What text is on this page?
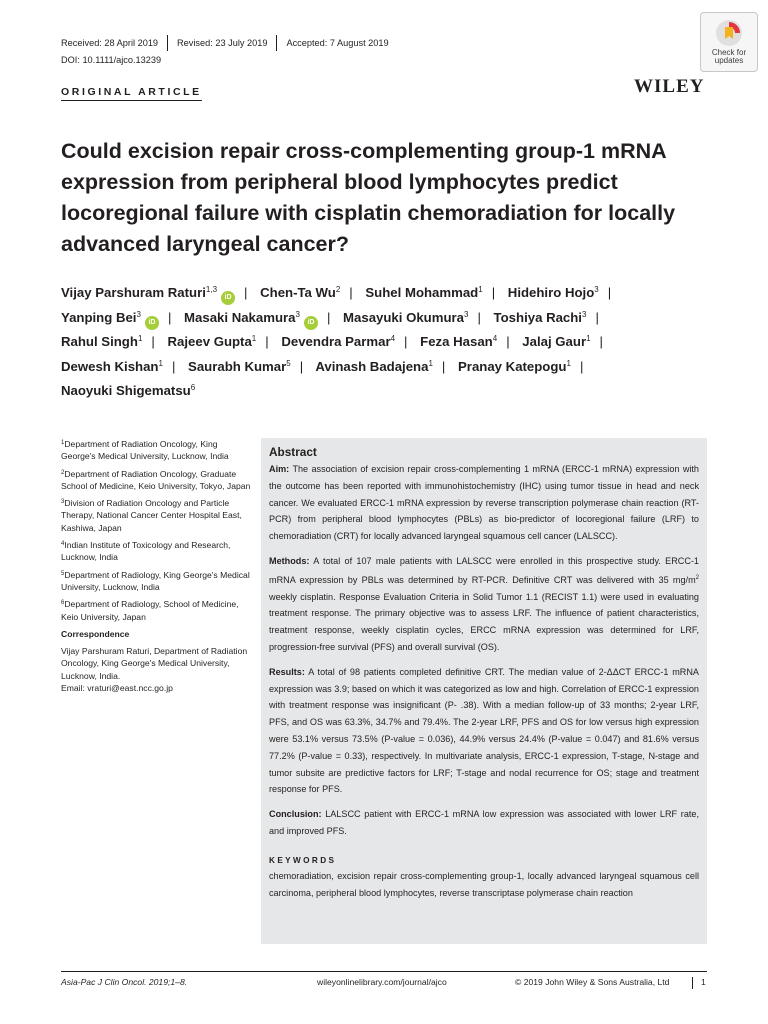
Received: 28 April 2019 Revised: 23 July 2019 Accepted: 7 August 2019
DOI: 10.1111/ajco.13239
Check for
updates
WILEY
ORIGINAL ARTICLE
Could excision repair cross-complementing group-1 mRNA expression from peripheral blood lymphocytes predict locoregional failure with cisplatin chemoradiation for locally advanced laryngeal cancer?
Vijay Parshuram Raturi$^{1,3}$iD | Chen-Ta Wu$^2$ | Suhel Mohammad$^1$ | Hidehiro Hojo$^3$ | Yanping Bei$^3$iD | Masaki Nakamura$^3$iD | Masayuki Okumura$^3$ | Toshiya Rachi$^3$ | Rahul Singh$^1$ | Rajeev Gupta$^1$ | Devendra Parmar$^4$ | Feza Hasan$^4$ | Jalaj Gaur$^1$ | Dewesh Kishan$^1$ | Saurabh Kumar$^5$ | Avinash Badajena$^1$ | Pranay Katepogu$^1$ | Naoyuki Shigematsu$^6$

$^1$Department of Radiation Oncology, King George's Medical University, Lucknow, India

$^2$Department of Radiation Oncology, Graduate School of Medicine, Keio University, Tokyo, Japan

$^3$Division of Radiation Oncology and Particle Therapy, National Cancer Center Hospital East, Kashiwa, Japan

$^4$Indian Institute of Toxicology and Research, Lucknow, India

$^5$Department of Radiology, King George's Medical University, Lucknow, India

$^6$Department of Radiology, School of Medicine, Keio University, Japan

Correspondence

Vijay Parshuram Raturi, Department of Radiation Oncology, King George's Medical University, Lucknow, India.
Email: vraturi@east.ncc.go.jp

Abstract

Aim: The association of excision repair cross-complementing 1 mRNA (ERCC-1 mRNA) expression with the outcome has been reported with immunohistochemistry (IHC) using tumor tissue in head and neck cancer. We evaluated ERCC-1 mRNA expression by reverse transcription polymerase chain reaction (RT-PCR) from peripheral blood lymphocytes (PBLs) as bio-predictor of locoregional failure (LRF) to chemoradiation (CRT) for locally advanced laryngeal squamous cell cancer (LALSCC).

Methods: A total of 107 male patients with LALSCC were enrolled in this prospective study. ERCC-1 mRNA expression by PBLs was determined by RT-PCR. Definitive CRT was delivered with 35 $mg/m^2$ weekly cisplatin. Response Evaluation Criteria in Solid Tumor 1.1 (RECIST 1.1) were used in evaluating treatment response. The primary objective was to assess LRF. The influence of patient characteristics, treatment response, weekly cisplatin cycles, ERCC mRNA expression was determined for LRF, progression-free survival (PFS) and overall survival (OS).

Results: A total of 98 patients completed definitive CRT. The median value of 2-ΔΔCT ERCC-1 mRNA expression was 3.9; based on which it was categorized as low and high. Correlation of ERCC-1 expression with treatment response was insignificant (P- .38). With a median follow-up of 33 months; 2-year LRF, PFS, and OS was 63.3%, 34.7% and 79.4%. The 2-year LRF, PFS and OS for low versus high expression were 53.1% versus 73.5% (P-value = 0.036), 44.9% versus 24.4% (P-value = 0.047) and 81.6% versus 77.2% (P-value = 0.33), respectively. In multivariate analysis, ERCC-1 expression, T-stage, N-stage and tumor subsite are predictive factors for LRF; T-stage and nodal recurrence for OS; stage and treatment response for PFS.

Conclusion: LALSCC patient with ERCC-1 mRNA low expression was associated with lower LRF rate, and improved PFS.

KEYWORDS

chemoradiation, excision repair cross-complementing group-1, locally advanced laryngeal squamous cell carcinoma, peripheral blood lymphocytes, reverse transcriptase polymerase chain reaction

Asia-Pac J Clin Oncol. 2019;1–8.	wileyonlinelibrary.com/journal/ajco	© 2019 John Wiley & Sons Australia, Ltd	1
